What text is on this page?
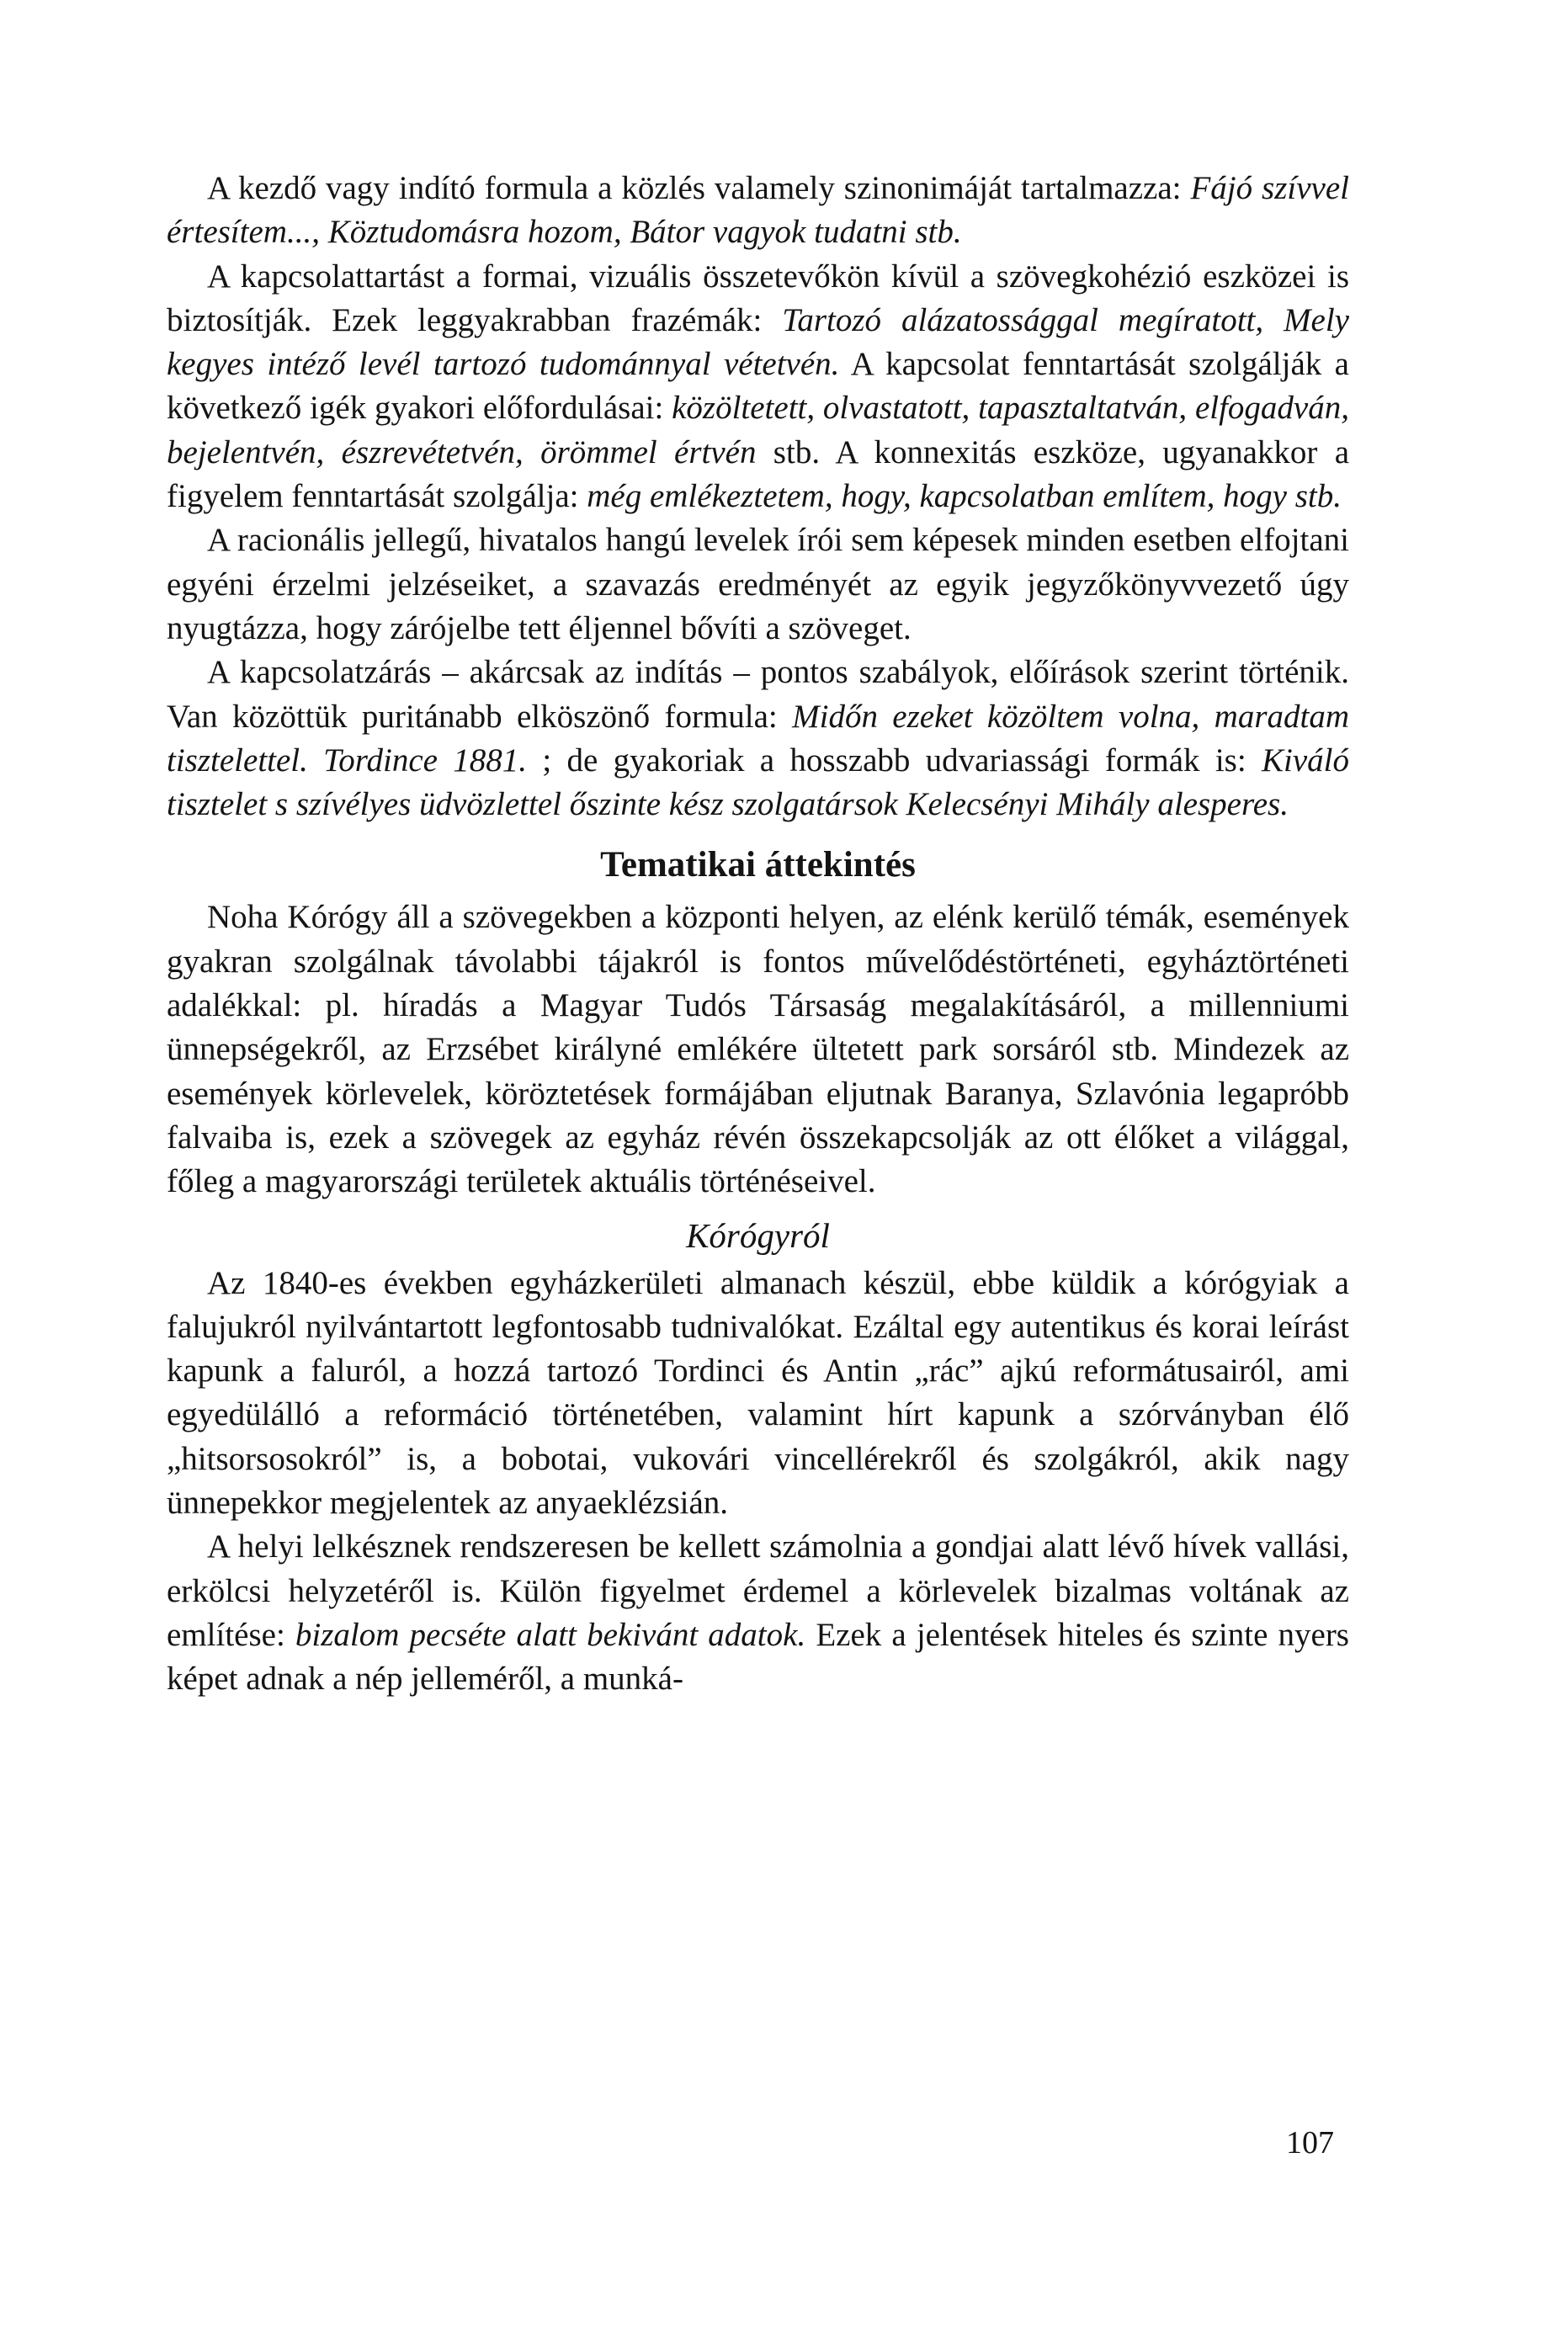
A kezdő vagy indító formula a közlés valamely szinonimáját tartalmazza: Fájó szívvel értesítem..., Köztudomásra hozom, Bátor vagyok tudatni stb.

A kapcsolattartást a formai, vizuális összetevőkön kívül a szövegkohézió eszközei is biztosítják. Ezek leggyakrabban frazémák: Tartozó alázatossággal megíratott, Mely kegyes intéző levél tartozó tudománnyal vétetvén. A kapcsolat fenntartását szolgálják a következő igék gyakori előfordulásai: közöltetett, olvastatott, tapasztaltatván, elfogadván, bejelentvén, észrevétetvén, örömmel értvén stb. A konnexitás eszköze, ugyanakkor a figyelem fenntartását szolgálja: még emlékeztetem, hogy, kapcsolatban említem, hogy stb.

A racionális jellegű, hivatalos hangú levelek írói sem képesek minden esetben elfojtani egyéni érzelmi jelzéseiket, a szavazás eredményét az egyik jegyzőkönyvvezető úgy nyugtázza, hogy zárójelbe tett éljennel bővíti a szöveget.

A kapcsolatzárás – akárcsak az indítás – pontos szabályok, előírások szerint történik. Van közöttük puritánabb elköszönő formula: Midőn ezeket közöltem volna, maradtam tisztelettel. Tordince 1881. ; de gyakoriak a hosszabb udvariassági formák is: Kiváló tisztelet s szívélyes üdvözlettel őszinte kész szolgatársok Kelecsényi Mihály alesperes.

Tematikai áttekintés

Noha Kórógy áll a szövegekben a központi helyen, az elénk kerülő témák, események gyakran szolgálnak távolabbi tájakról is fontos művelődéstörténeti, egyháztörténeti adalékkal: pl. híradás a Magyar Tudós Társaság megalakításáról, a millenniumi ünnepségekről, az Erzsébet királyné emlékére ültetett park sorsáról stb. Mindezek az események körlevelek, köröztetések formájában eljutnak Baranya, Szlavónia legapróbb falvaiba is, ezek a szövegek az egyház révén összekapcsolják az ott élőket a világgal, főleg a magyarországi területek aktuális történéseivel.

Kórógyról

Az 1840-es években egyházkerületi almanach készül, ebbe küldik a kórógyiak a falujukról nyilvántartott legfontosabb tudnivalókat. Ezáltal egy autentikus és korai leírást kapunk a faluról, a hozzá tartozó Tordinci és Antin „rác” ajkú reformátusairól, ami egyedülálló a reformáció történetében, valamint hírt kapunk a szórványban élő „hitsorsosokról” is, a bobotai, vukovári vincellérekről és szolgákról, akik nagy ünnepekkor megjelentek az anyaeklézsián.

A helyi lelkésznek rendszeresen be kellett számolnia a gondjai alatt lévő hívek vallási, erkölcsi helyzetéről is. Külön figyelmet érdemel a körlevelek bizalmas voltának az említése: bizalom pecséte alatt bekivánt adatok. Ezek a jelentések hiteles és szinte nyers képet adnak a nép jelleméről, a munká-

107
